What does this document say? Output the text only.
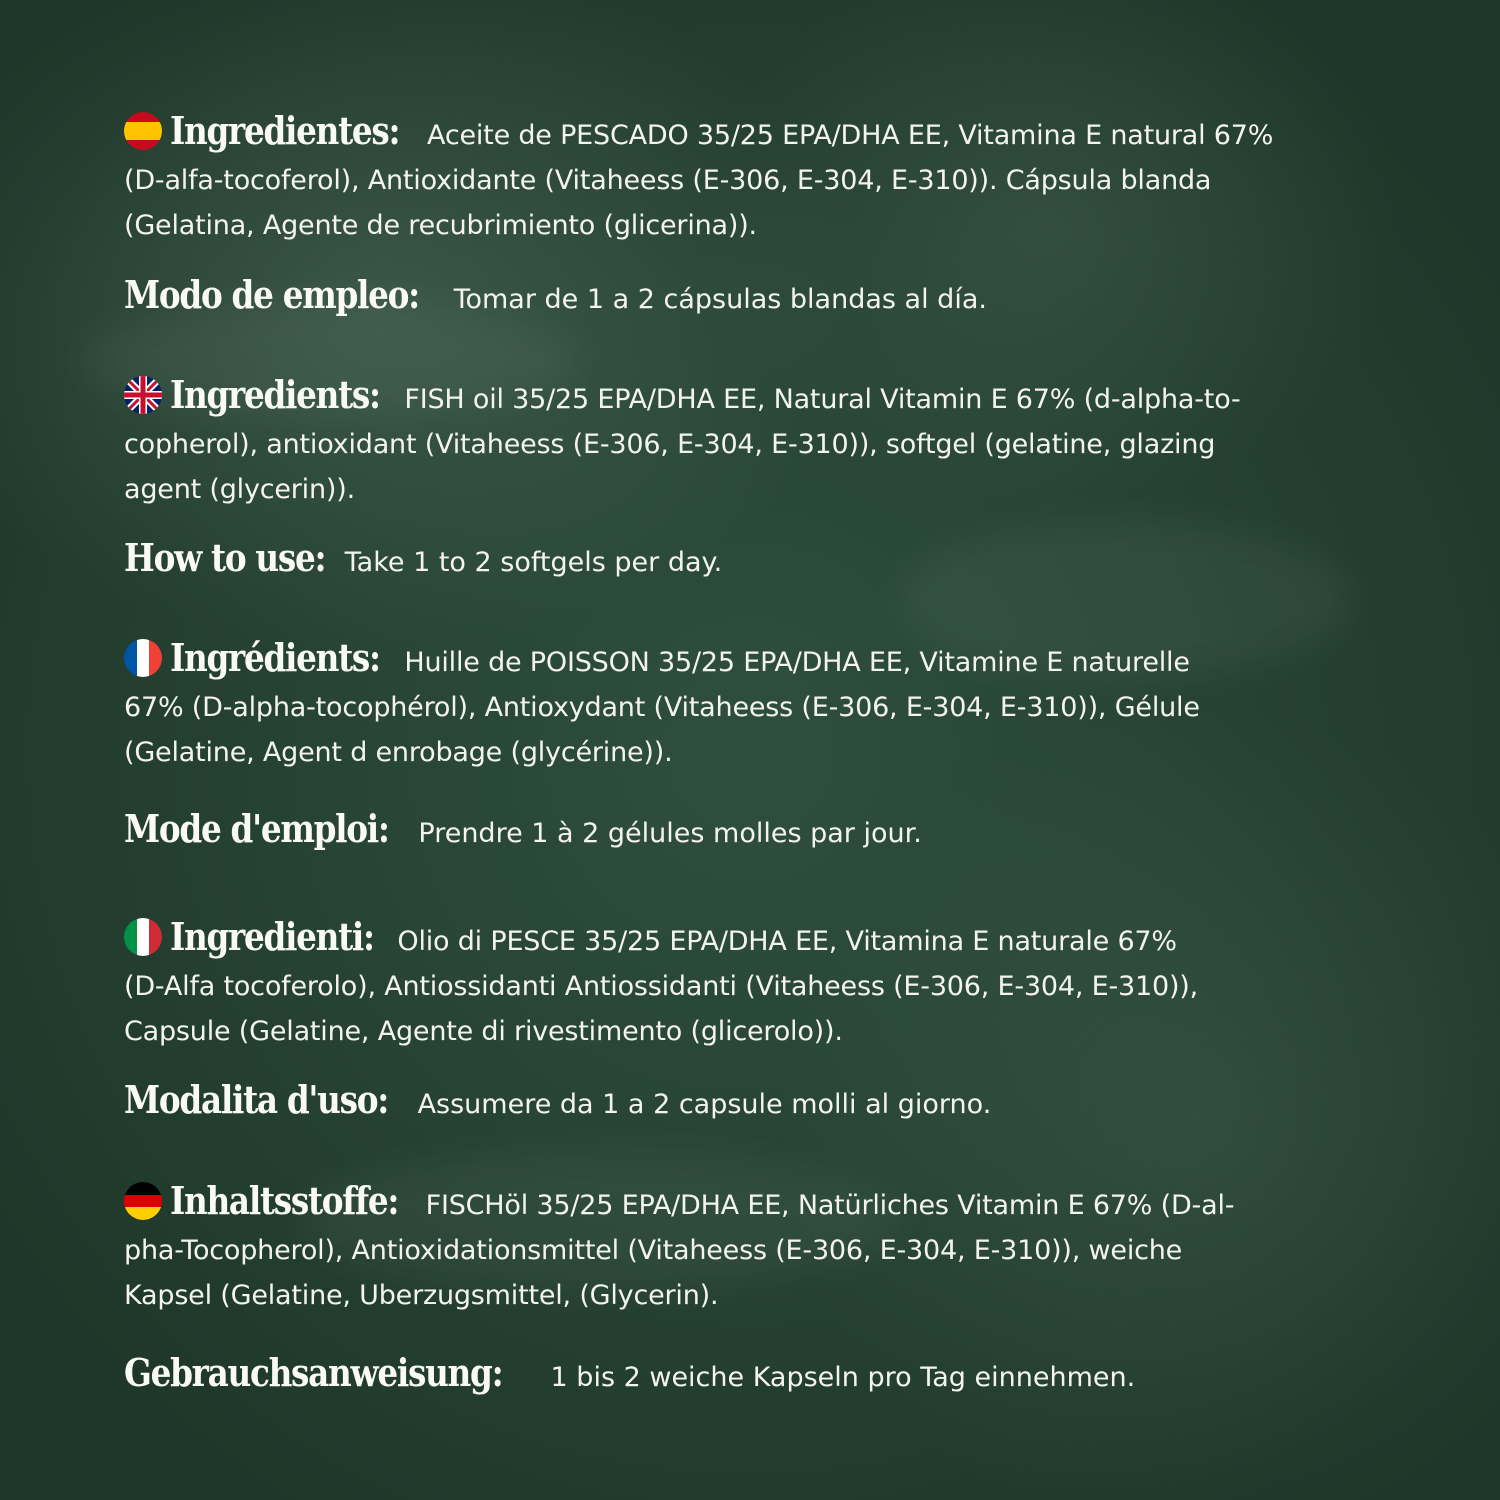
Ingredientes: Aceite de PESCADO 35/25 EPA/DHA EE, Vitamina E natural 67%
(D-alfa-tocoferol), Antioxidante (Vitaheess (E-306, E-304, E-310)). Cápsula blanda
(Gelatina, Agente de recubrimiento (glicerina)).

Modo de empleo: Tomar de 1 a 2 cápsulas blandas al día.

Ingredients: FISH oil 35/25 EPA/DHA EE, Natural Vitamin E 67% (d-alpha-to-
copherol), antioxidant (Vitaheess (E-306, E-304, E-310)), softgel (gelatine, glazing
agent (glycerin)).

How to use: Take 1 to 2 softgels per day.

Ingrédients: Huille de POISSON 35/25 EPA/DHA EE, Vitamine E naturelle
67% (D-alpha-tocophérol), Antioxydant (Vitaheess (E-306, E-304, E-310)), Gélule
(Gelatine, Agent d enrobage (glycérine)).

Mode d'emploi: Prendre 1 à 2 gélules molles par jour.

Ingredienti: Olio di PESCE 35/25 EPA/DHA EE, Vitamina E naturale 67%
(D-Alfa tocoferolo), Antiossidanti Antiossidanti (Vitaheess (E-306, E-304, E-310)),
Capsule (Gelatine, Agente di rivestimento (glicerolo)).

Modalita d'uso: Assumere da 1 a 2 capsule molli al giorno.

Inhaltsstoffe: FISCHöl 35/25 EPA/DHA EE, Natürliches Vitamin E 67% (D-al-
pha-Tocopherol), Antioxidationsmittel (Vitaheess (E-306, E-304, E-310)), weiche
Kapsel (Gelatine, Uberzugsmittel, (Glycerin).

Gebrauchsanweisung: 1 bis 2 weiche Kapseln pro Tag einnehmen.
